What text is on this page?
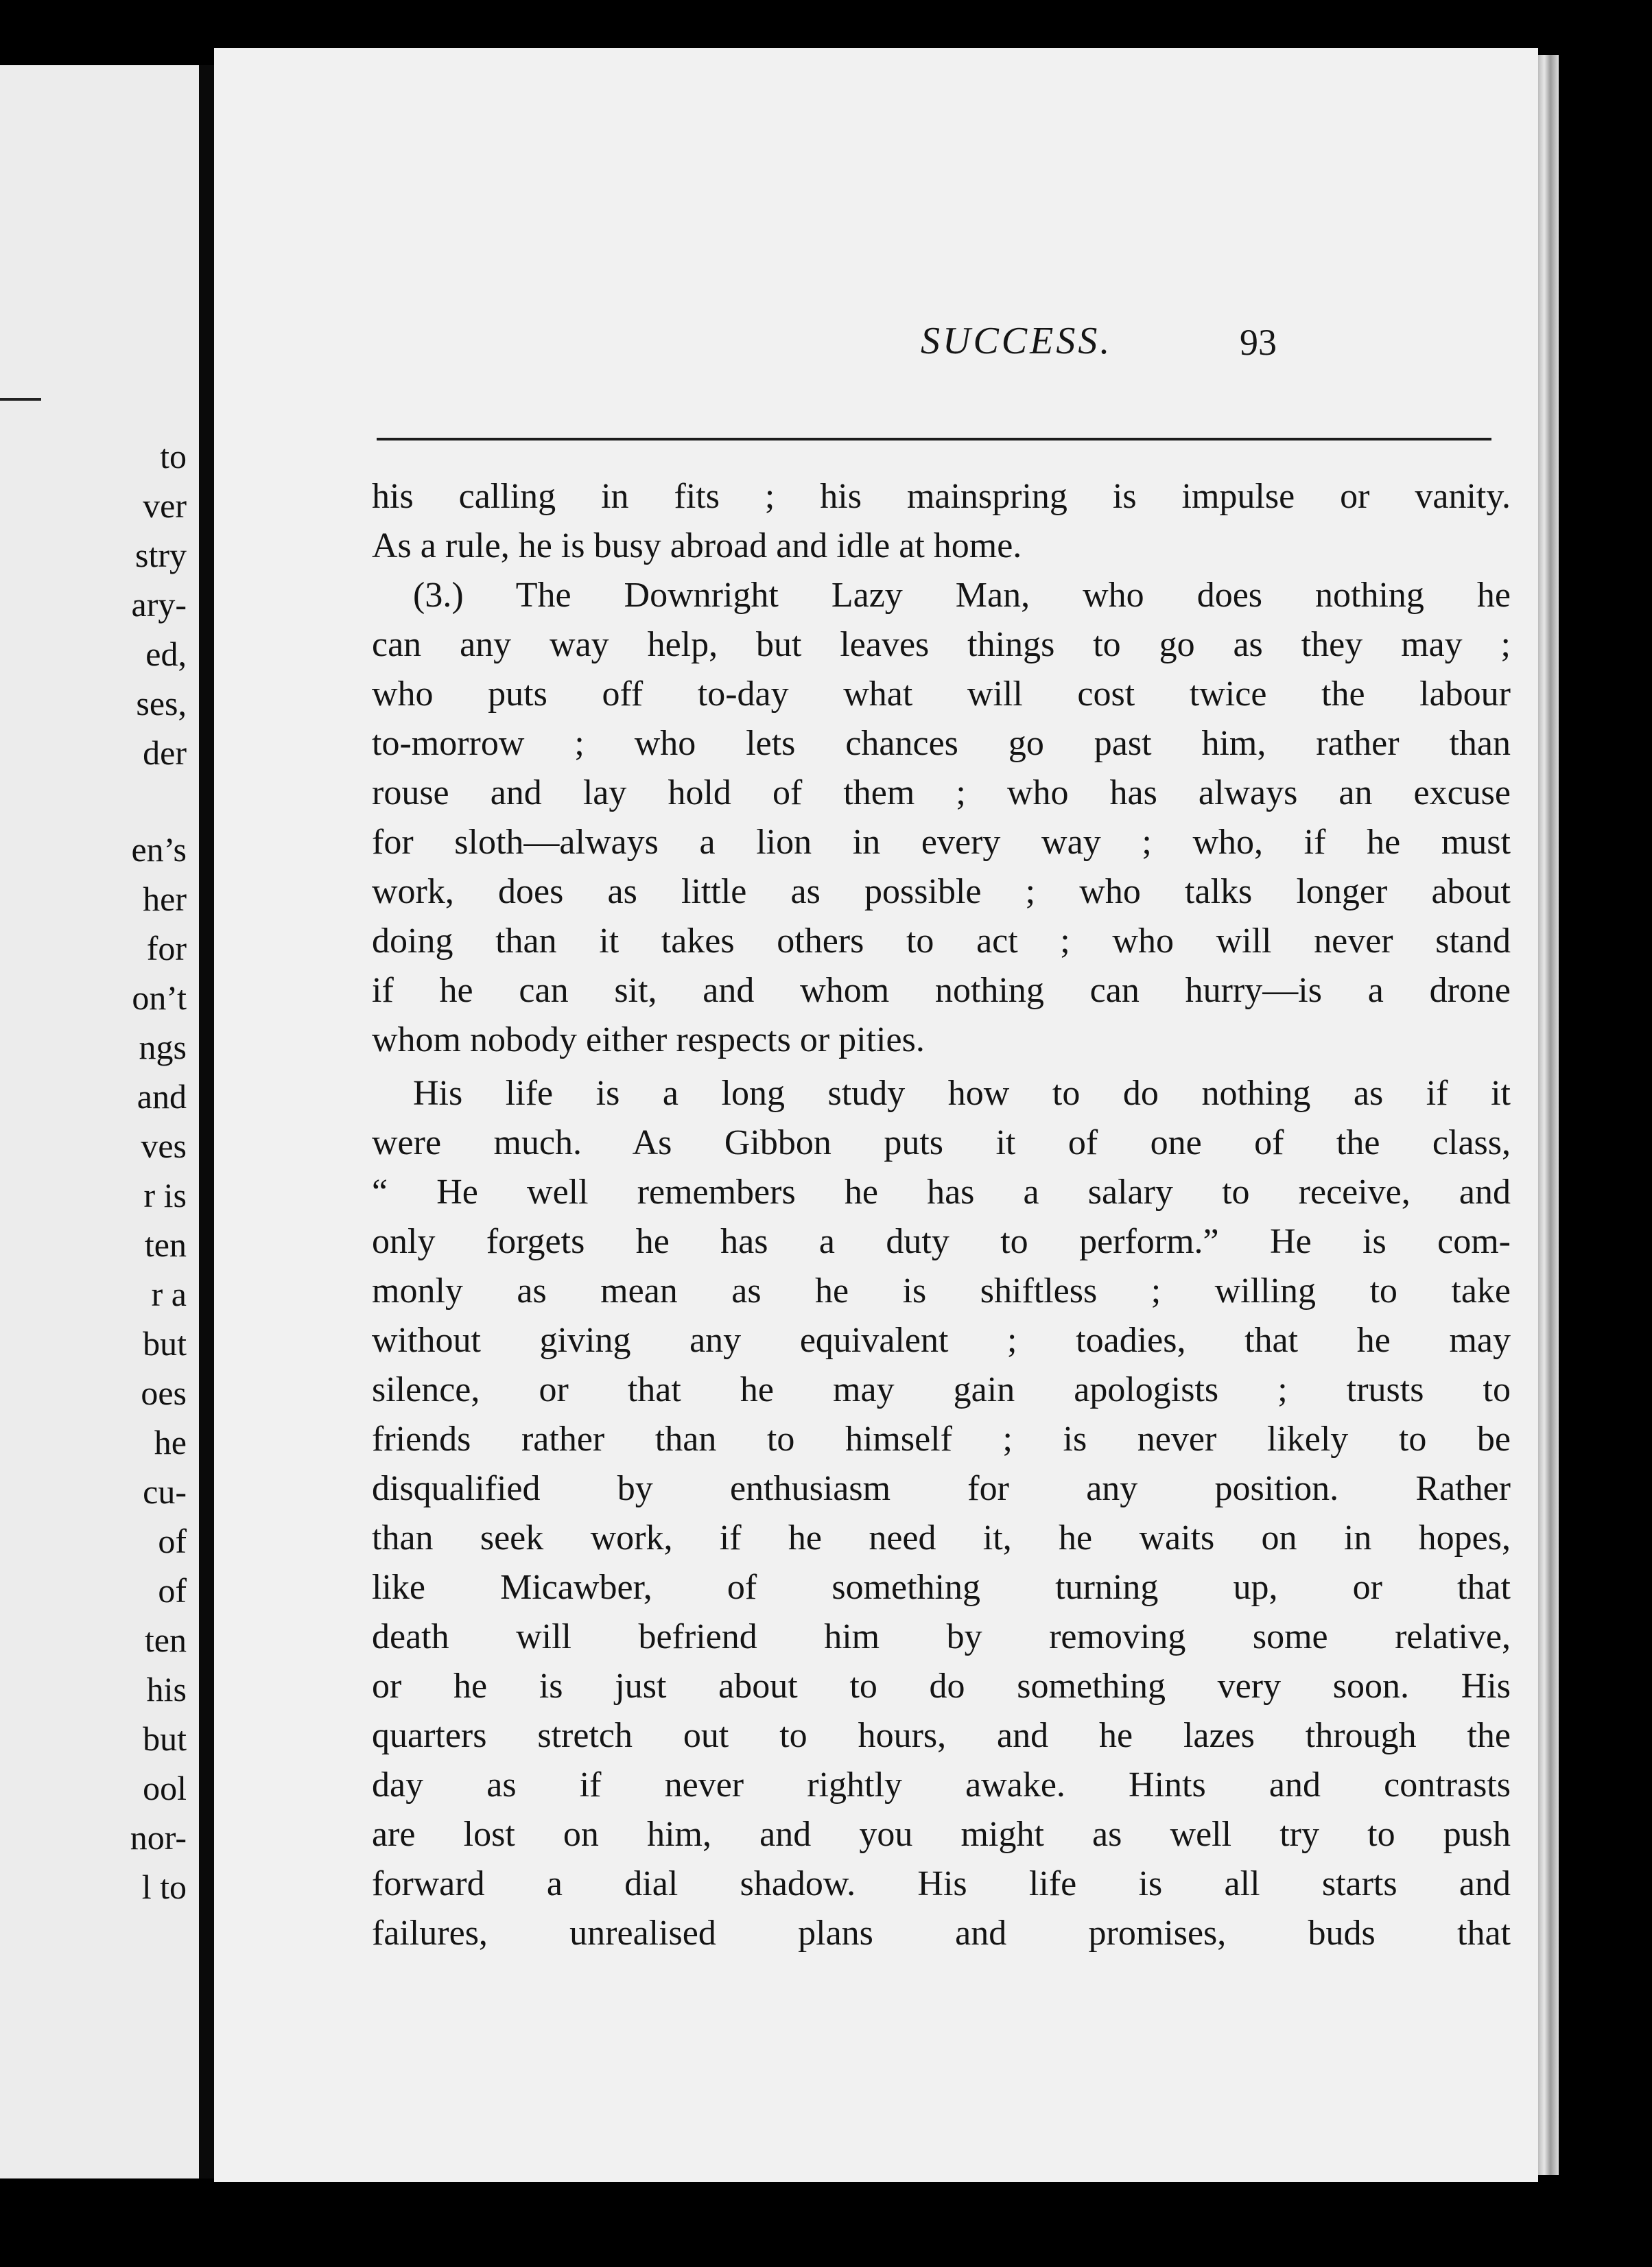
to
ver
stry
ary-
ed,
ses,
der
en’s
her
for
on’t
ngs
and
ves
r is
ten
r a
but
oes
he
cu-
of
of
ten
his
but
ool
nor-
l to
SUCCESS.	93
his calling in fits ; his mainspring is impulse or vanity.
As a rule, he is busy abroad and idle at home.
(3.) The Downright Lazy Man, who does nothing he
can any way help, but leaves things to go as they may ;
who puts off to-day what will cost twice the labour
to-morrow ; who lets chances go past him, rather than
rouse and lay hold of them ; who has always an excuse
for sloth—always a lion in every way ; who, if he must
work, does as little as possible ; who talks longer about
doing than it takes others to act ; who will never stand
if he can sit, and whom nothing can hurry—is a drone
whom nobody either respects or pities.
His life is a long study how to do nothing as if it
were much. As Gibbon puts it of one of the class,
“ He well remembers he has a salary to receive, and
only forgets he has a duty to perform.” He is com-
monly as mean as he is shiftless ; willing to take
without giving any equivalent ; toadies, that he may
silence, or that he may gain apologists ; trusts to
friends rather than to himself ; is never likely to be
disqualified by enthusiasm for any position. Rather
than seek work, if he need it, he waits on in hopes,
like Micawber, of something turning up, or that
death will befriend him by removing some relative,
or he is just about to do something very soon. His
quarters stretch out to hours, and he lazes through the
day as if never rightly awake. Hints and contrasts
are lost on him, and you might as well try to push
forward a dial shadow. His life is all starts and
failures, unrealised plans and promises, buds that
